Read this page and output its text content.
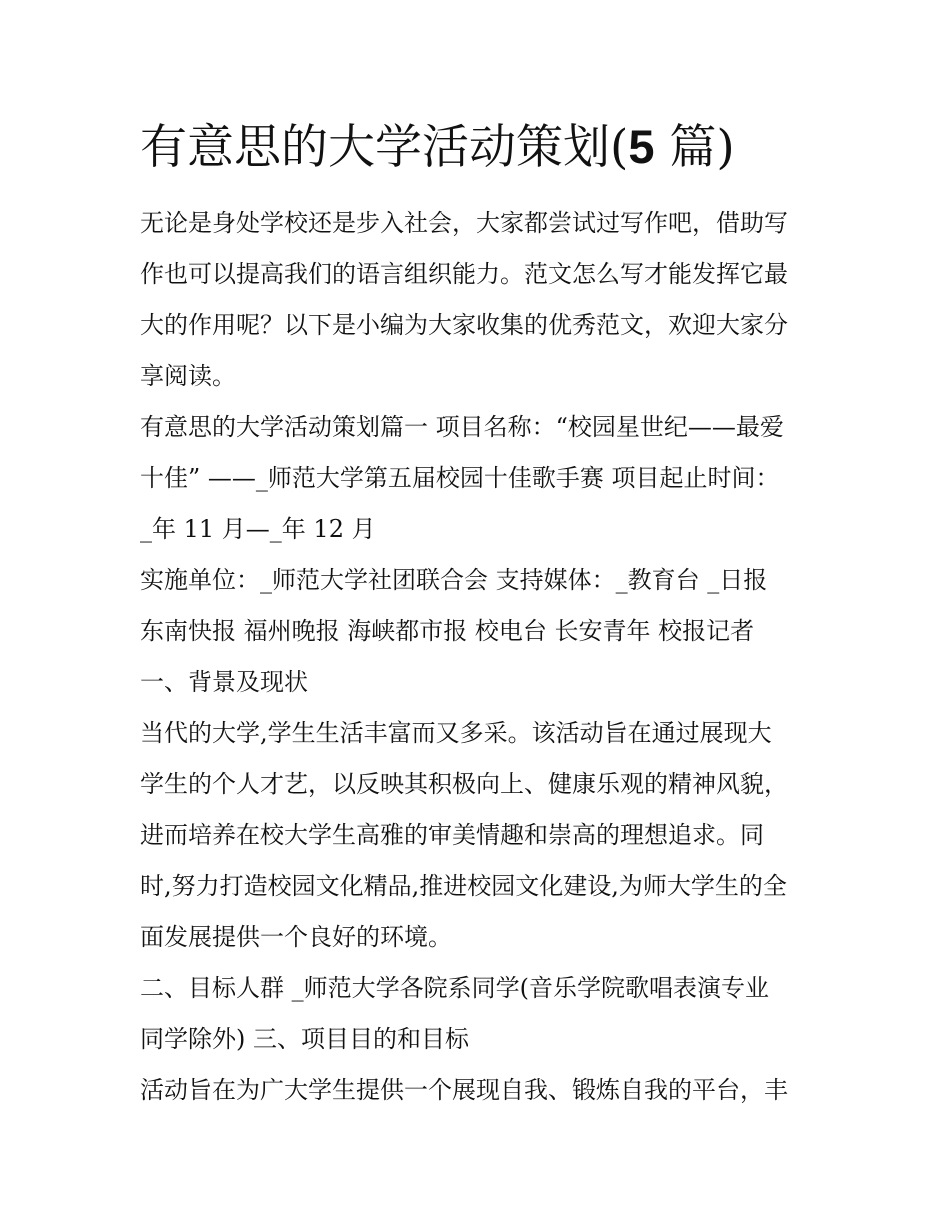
有意思的大学活动策划(5 篇)

无论是身处学校还是步入社会，大家都尝试过写作吧，借助写

作也可以提高我们的语言组织能力。范文怎么写才能发挥它最

大的作用呢？以下是小编为大家收集的优秀范文，欢迎大家分

享阅读。

有意思的大学活动策划篇一 项目名称：“校园星世纪——最爱

十佳” ——_师范大学第五届校园十佳歌手赛 项目起止时间：

_年 11 月—_年 12 月

实施单位：_师范大学社团联合会 支持媒体：_教育台 _日报

东南快报 福州晚报 海峡都市报 校电台 长安青年 校报记者

一、背景及现状

当代的大学,学生生活丰富而又多采。该活动旨在通过展现大

学生的个人才艺，以反映其积极向上、健康乐观的精神风貌，

进而培养在校大学生高雅的审美情趣和崇高的理想追求。同

时,努力打造校园文化精品,推进校园文化建设,为师大学生的全

面发展提供一个良好的环境。

二、目标人群 _师范大学各院系同学(音乐学院歌唱表演专业

同学除外) 三、项目目的和目标

活动旨在为广大学生提供一个展现自我、锻炼自我的平台，丰
